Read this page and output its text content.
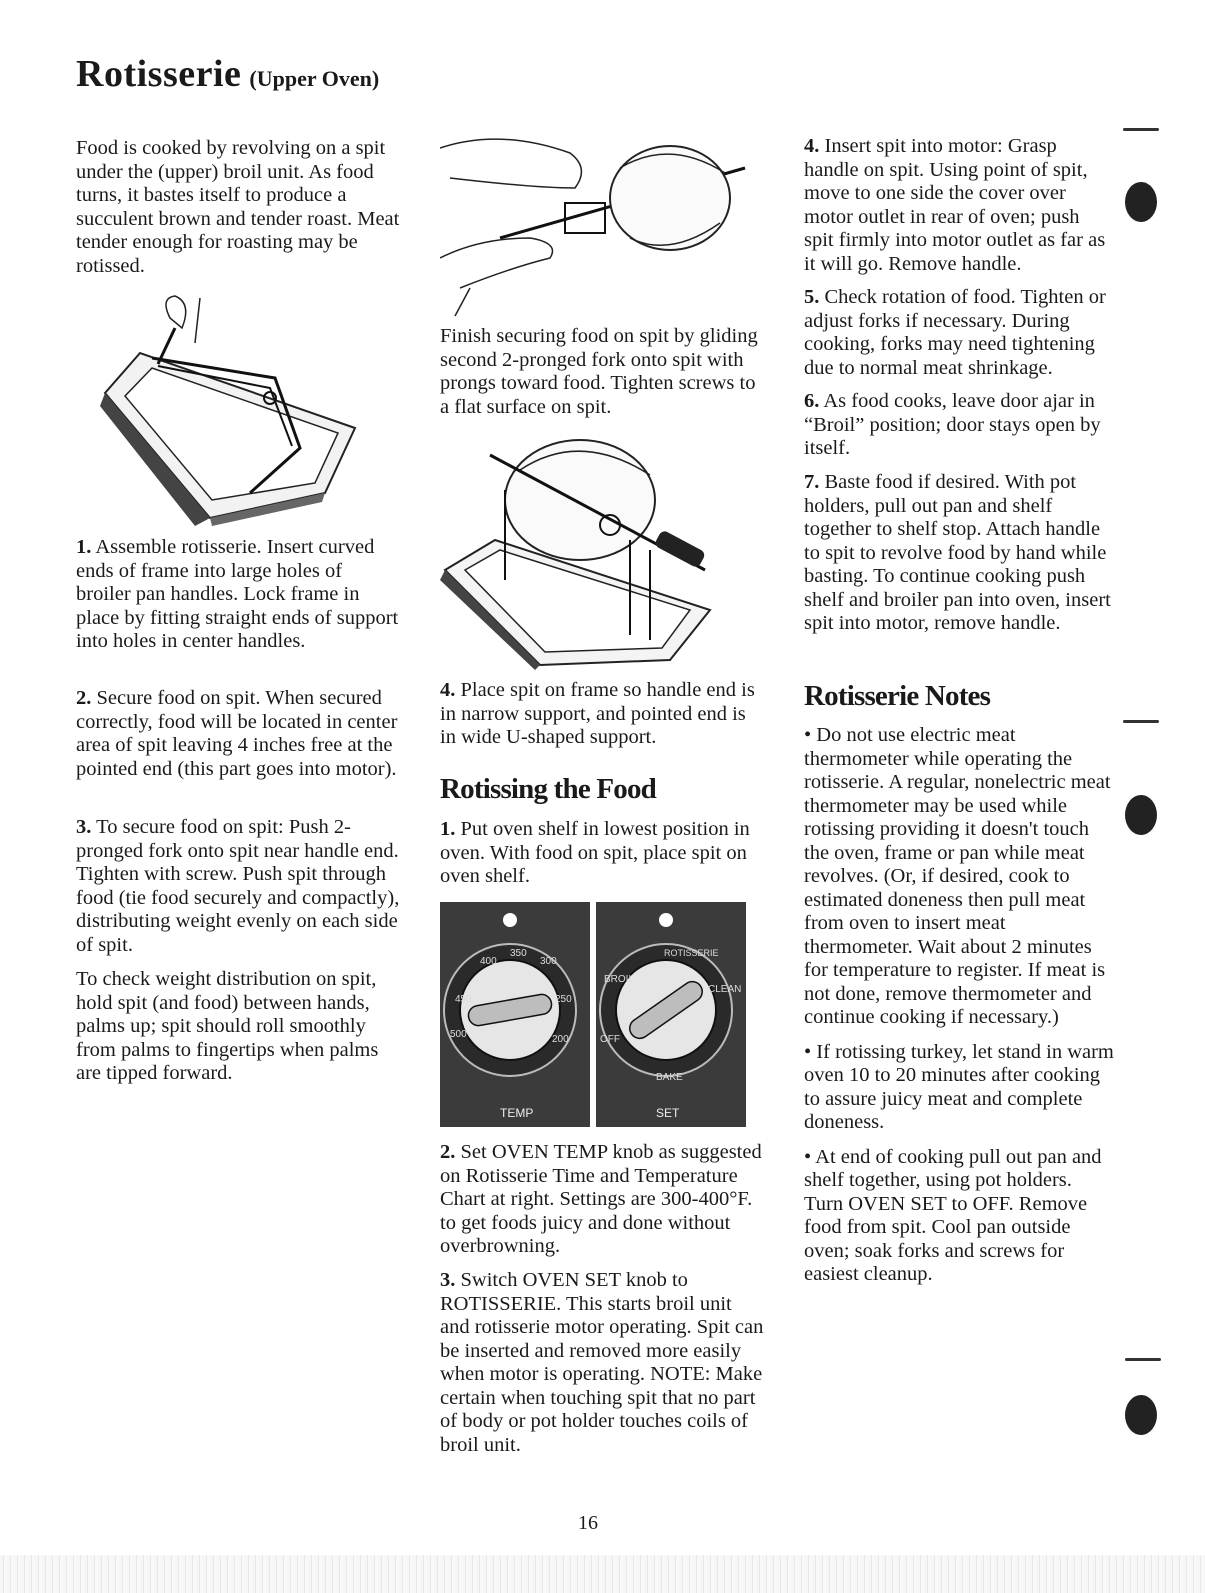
Rotisserie (Upper Oven)

Food is cooked by revolving on a spit under the (upper) broil unit. As food turns, it bastes itself to produce a succulent brown and tender roast. Meat tender enough for roasting may be rotissed.

1. Assemble rotisserie. Insert curved ends of frame into large holes of broiler pan handles. Lock frame in place by fitting straight ends of support into holes in center handles.

2. Secure food on spit. When secured correctly, food will be located in center area of spit leaving 4 inches free at the pointed end (this part goes into motor).

3. To secure food on spit: Push 2-pronged fork onto spit near handle end. Tighten with screw. Push spit through food (tie food securely and compactly), distributing weight evenly on each side of spit.

To check weight distribution on spit, hold spit (and food) between hands, palms up; spit should roll smoothly from palms to fingertips when palms are tipped forward.

Finish securing food on spit by gliding second 2-pronged fork onto spit with prongs toward food. Tighten screws to a flat surface on spit.

4. Place spit on frame so handle end is in narrow support, and pointed end is in wide U-shaped support.

Rotissing the Food

1. Put oven shelf in lowest position in oven. With food on spit, place spit on oven shelf.

400
350
300
250
200
450
500
TEMP
OFF
BROIL
ROTISSERIE
CLEAN
BAKE
SET

2. Set OVEN TEMP knob as suggested on Rotisserie Time and Temperature Chart at right. Settings are 300-400°F. to get foods juicy and done without overbrowning.

3. Switch OVEN SET knob to ROTISSERIE. This starts broil unit and rotisserie motor operating. Spit can be inserted and removed more easily when motor is operating. NOTE: Make certain when touching spit that no part of body or pot holder touches coils of broil unit.

4. Insert spit into motor: Grasp handle on spit. Using point of spit, move to one side the cover over motor outlet in rear of oven; push spit firmly into motor outlet as far as it will go. Remove handle.

5. Check rotation of food. Tighten or adjust forks if necessary. During cooking, forks may need tightening due to normal meat shrinkage.

6. As food cooks, leave door ajar in “Broil” position; door stays open by itself.

7. Baste food if desired. With pot holders, pull out pan and shelf together to shelf stop. Attach handle to spit to revolve food by hand while basting. To continue cooking push shelf and broiler pan into oven, insert spit into motor, remove handle.

Rotisserie Notes

• Do not use electric meat thermometer while operating the rotisserie. A regular, nonelectric meat thermometer may be used while rotissing providing it doesn't touch the oven, frame or pan while meat revolves. (Or, if desired, cook to estimated doneness then pull meat from oven to insert meat thermometer. Wait about 2 minutes for temperature to register. If meat is not done, remove thermometer and continue cooking if necessary.)

• If rotissing turkey, let stand in warm oven 10 to 20 minutes after cooking to assure juicy meat and complete doneness.

• At end of cooking pull out pan and shelf together, using pot holders. Turn OVEN SET to OFF. Remove food from spit. Cool pan outside oven; soak forks and screws for easiest cleanup.

16
